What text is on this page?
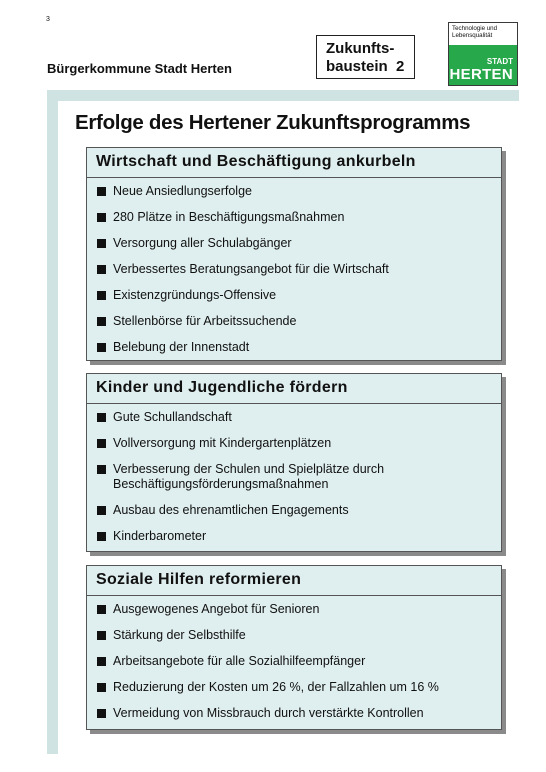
3
Bürgerkommune Stadt Herten
Zukunfts-
baustein  2
Technologie und
Lebensqualität
STADT
HERTEN
Erfolge des Hertener Zukunftsprogramms
Wirtschaft und Beschäftigung ankurbeln
Neue Ansiedlungserfolge
280 Plätze in Beschäftigungsmaßnahmen
Versorgung aller Schulabgänger
Verbessertes Beratungsangebot für die Wirtschaft
Existenzgründungs-Offensive
Stellenbörse für Arbeitssuchende
Belebung der Innenstadt
Kinder und Jugendliche fördern
Gute Schullandschaft
Vollversorgung mit Kindergartenplätzen
Verbesserung der Schulen und Spielplätze durch Beschäftigungsförderungsmaßnahmen
Ausbau des ehrenamtlichen Engagements
Kinderbarometer
Soziale Hilfen reformieren
Ausgewogenes Angebot für Senioren
Stärkung der Selbsthilfe
Arbeitsangebote für alle Sozialhilfeempfänger
Reduzierung der Kosten um 26 %, der Fallzahlen um 16 %
Vermeidung von Missbrauch durch verstärkte Kontrollen
